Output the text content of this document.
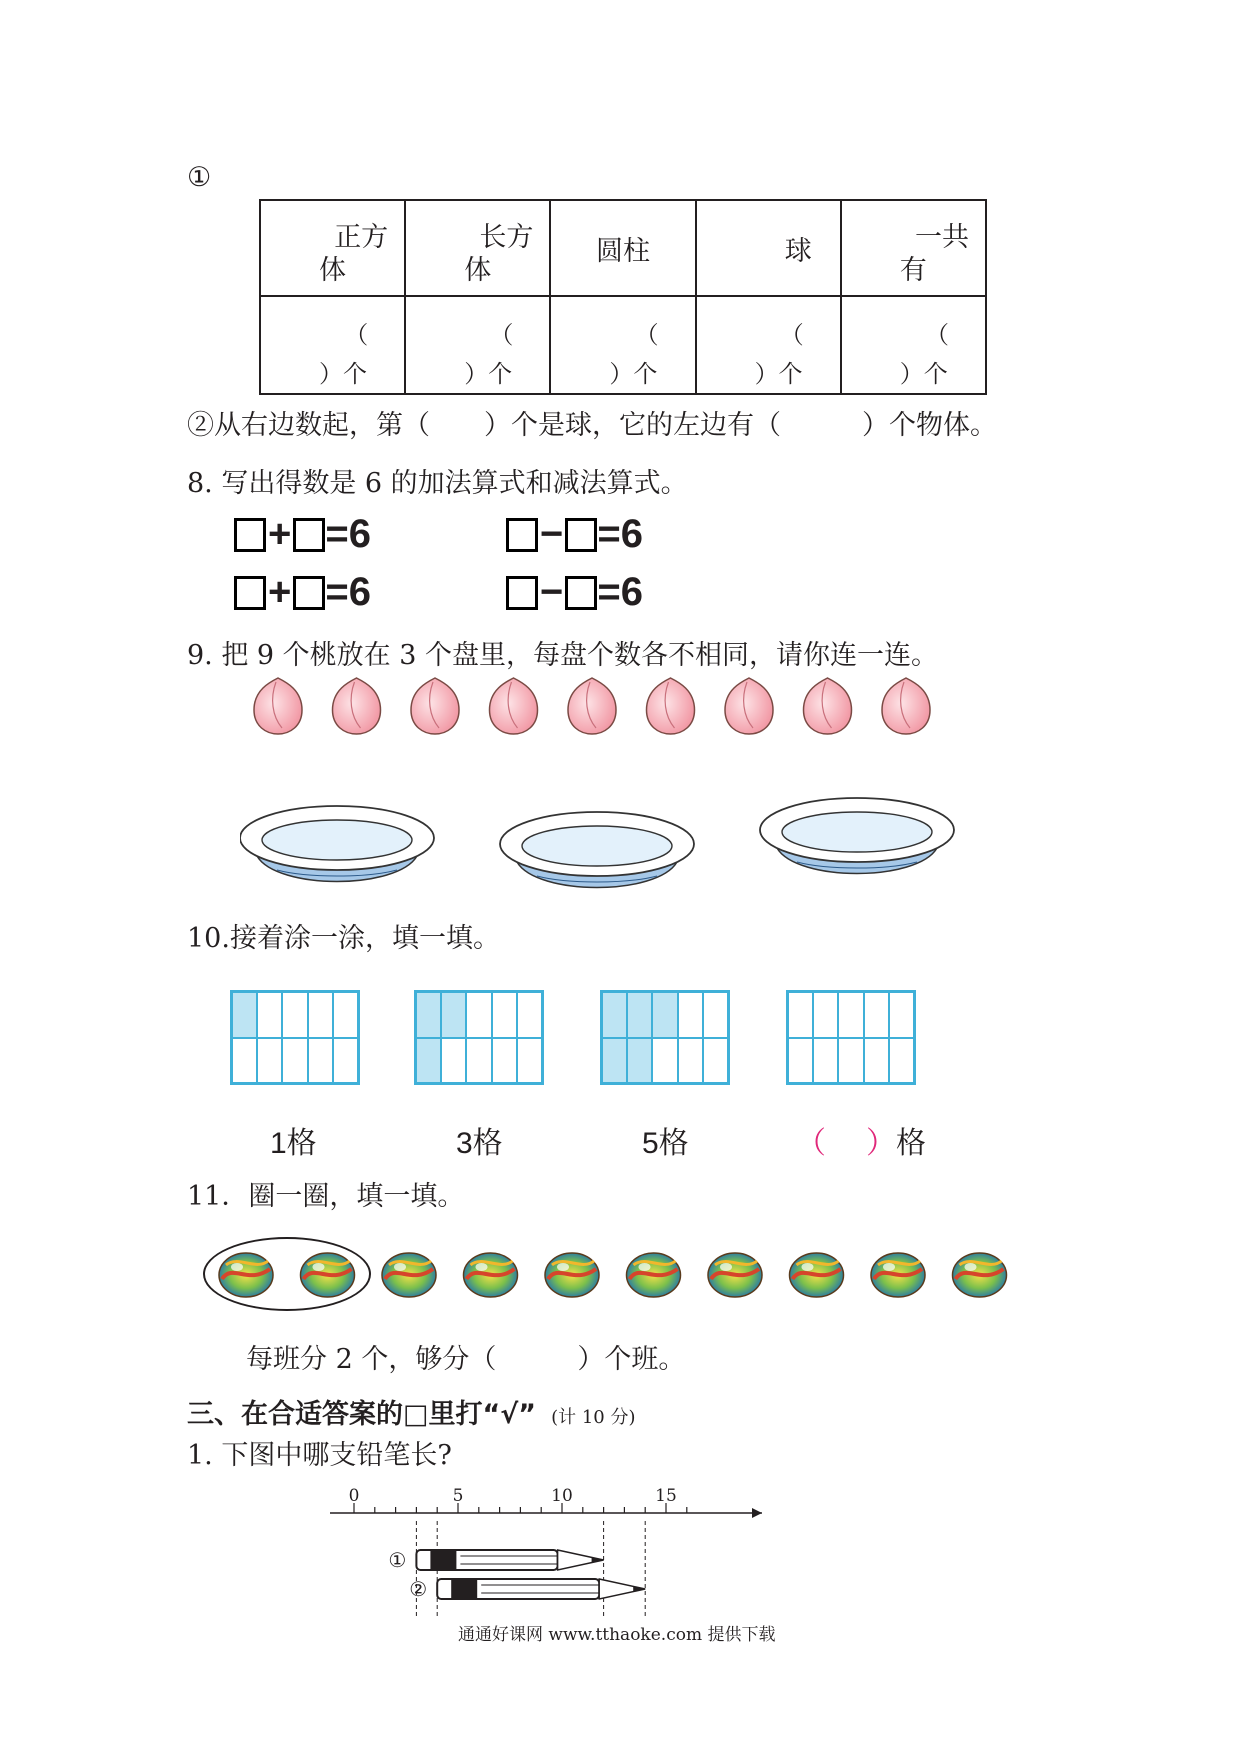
①
正方
体	长方
体	圆柱	球	一共
有

（
）个	（
）个	（
）个	（
）个	（
）个
②从右边数起，第（　　）个是球，它的左边有（　　　）个物体。
8. 写出得数是 6 的加法算式和减法算式。
+ =6	− =6
+ =6	− =6
9. 把 9 个桃放在 3 个盘里，每盘个数各不相同，请你连一连。
10.接着涂一涂，填一填。
1格	3格	5格	（ ）格
11．圈一圈，填一填。
每班分 2 个，够分（　　　）个班。
三、在合适答案的□里打“√” (计 10 分)
1. 下图中哪支铅笔长?
0	5	10	15
①
②
通通好课网 www.tthaoke.com 提供下载
